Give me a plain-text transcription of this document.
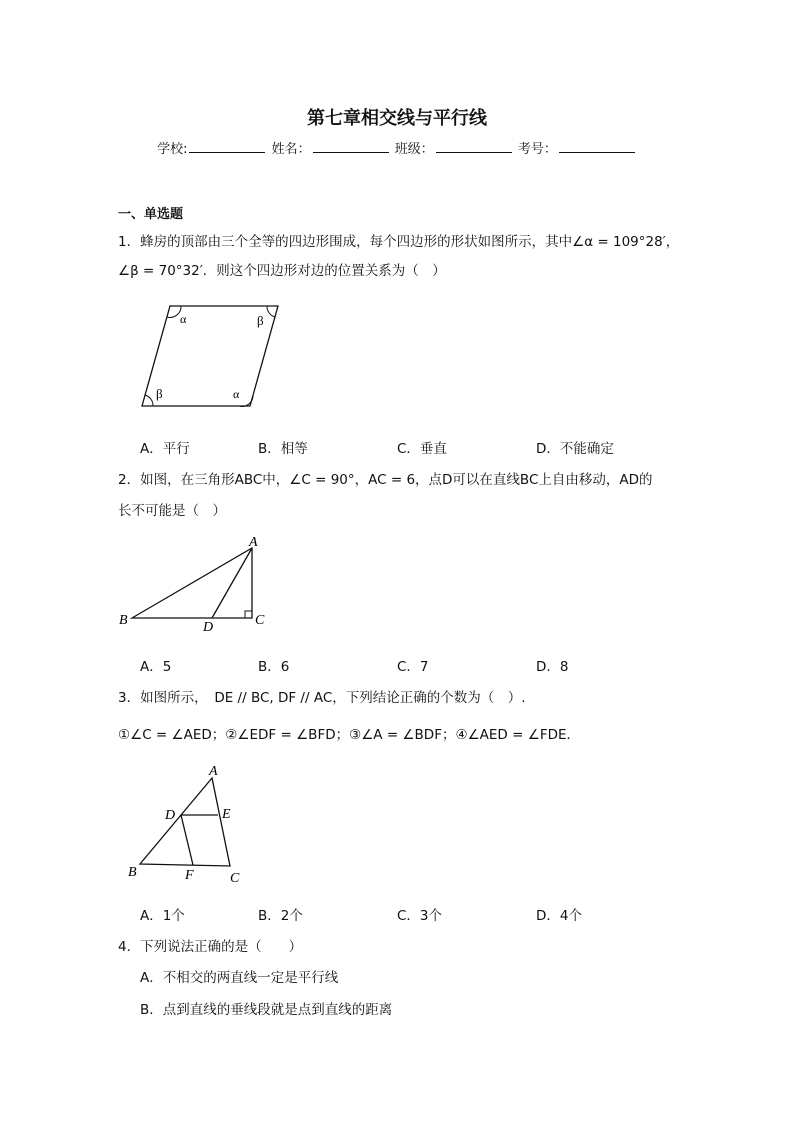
第七章相交线与平行线
学校:	姓名：	班级：	考号：
一、单选题
1．蜂房的顶部由三个全等的四边形围成，每个四边形的形状如图所示，其中∠α = 109°28′，
∠β = 70°32′．则这个四边形对边的位置关系为（　）
α	β
β	α
A．平行	B．相等	C．垂直	D．不能确定
2．如图，在三角形ABC中，∠C = 90°，AC = 6，点D可以在直线BC上自由移动，AD的
长不可能是（　）
A
B	D	C
A．5	B．6	C．7	D．8
3．如图所示，　DE // BC, DF // AC，下列结论正确的个数为（　）.
①∠C = ∠AED；②∠EDF = ∠BFD；③∠A = ∠BDF；④∠AED = ∠FDE．
A
D	E
B	F	C
A．1个	B．2个	C．3个	D．4个
4．下列说法正确的是（　　）
A．不相交的两直线一定是平行线
B．点到直线的垂线段就是点到直线的距离
